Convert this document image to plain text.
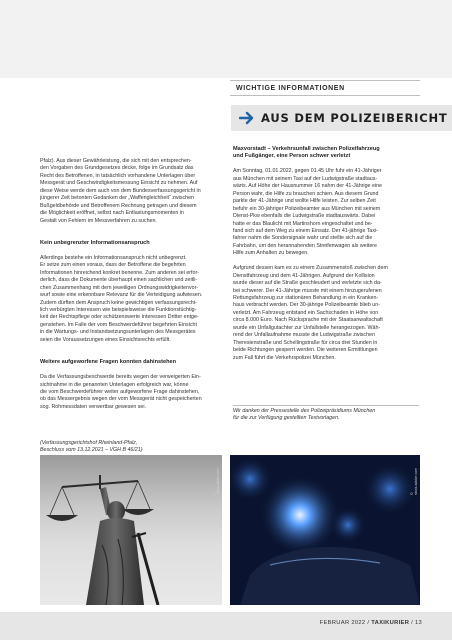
WICHTIGE INFORMATIONEN
AUS DEM POLIZEIBERICHT

Pfalz). Aus dieser Gewährleistung, die sich mit den entsprechen-

den Vorgaben des Grundgesetzes decke, folge im Grundsatz das

Recht des Betroffenen, in tatsächlich vorhandene Unterlagen über

Messgerät und Geschwindigkeitsmessung Einsicht zu nehmen. Auf

diese Weise werde dem auch von dem Bundesverfassungsgericht in

jüngerer Zeit betonten Gedanken der „Waffengleichheit“ zwischen

Bußgeldbehörde und Betroffenem Rechnung getragen und diesem

die Möglichkeit eröffnet, selbst nach Entlastungsmomenten in

Gestalt von Fehlern im Messverfahren zu suchen.

Kein unbegrenzter Informationsanspruch

Allerdings bestehe ein Informationsanspruch nicht unbegrenzt.

Er setze zum einen voraus, dass der Betroffene die begehrten

Informationen hinreichend konkret benenne. Zum anderen sei erfor-

derlich, dass die Dokumente überhaupt einen sachlichen und zeitli-

chen Zusammenhang mit dem jeweiligen Ordnungswidrigkeitenvor-

wurf sowie eine erkennbare Relevanz für die Verteidigung aufwiesen.

Zudem dürften dem Anspruch keine gewichtigen verfassungsrecht-

lich verbürgten Interessen wie beispielsweise die Funktionstüchtig-

keit der Rechtspflege oder schützenswerte Interessen Dritter entge-

genstehen. Im Falle der vom Beschwerdeführer begehrten Einsicht

in die Wartungs- und Instandsetzungsunterlagen des Messgerätes

seien die Voraussetzungen eines Einsichtsrechts erfüllt.

Weitere aufgeworfene Fragen konnten dahinstehen

Da die Verfassungsbeschwerde bereits wegen der verweigerten Ein-

sichtnahme in die genannten Unterlagen erfolgreich war, könne

die vom Beschwerdeführer weiter aufgeworfene Frage dahinstehen,

ob das Messergebnis wegen der vom Messgerät nicht gespeicherten

sog. Rohmessdaten verwertbar gewesen sei.

(Verfassungsgerichtshof Rheinland-Pfalz,
Beschluss vom 13.12.2021 – VGH B 46/21)

Maxvorstadt – Verkehrsunfall zwischen Polizeifahrzeug

und Fußgänger, eine Person schwer verletzt

Am Sonntag, 01.01.2022, gegen 01.45 Uhr fuhr ein 41-Jähriger

aus München mit seinem Taxi auf der Ludwigstraße stadtaus-

wärts. Auf Höhe der Hausnummer 16 nahm der 41-Jährige eine

Person wahr, die Hilfe zu brauchen schien. Aus diesem Grund

parkte der 41-Jährige und wollte Hilfe leisten. Zur selben Zeit

befuhr ein 30-jähriger Polizeibeamter aus München mit seinem

Dienst-Pkw ebenfalls die Ludwigstraße stadtauswärts. Dabei

hatte er das Blaulicht mit Martinshorn eingeschaltet und be-

fand sich auf dem Weg zu einem Einsatz. Der 41-jährige Taxi-

fahrer nahm die Sondersignale wahr und stellte sich auf die

Fahrbahn, um den herannahenden Streifenwagen als weitere

Hilfe zum Anhalten zu bewegen.

Aufgrund dessen kam es zu einem Zusammenstoß zwischen dem

Dienstfahrzeug und dem 41-Jährigen. Aufgrund der Kollision

wurde dieser auf die Straße geschleudert und verletzte sich da-

bei schwerer. Der 41-Jährige musste mit einem hinzugerufenen

Rettungsfahrzeug zur stationären Behandlung in ein Kranken-

haus verbracht werden. Der 30-jährige Polizeibeamte blieb un-

verletzt. Am Fahrzeug entstand ein Sachschaden in Höhe von

circa 8.000 Euro. Nach Rücksprache mit der Staatsanwaltschaft

wurde ein Unfallgutachter zur Unfallstelle herangezogen. Wäh-

rend der Unfallaufnahme musste die Ludwigstraße zwischen

Theresienstraße und Schellingstraße für circa drei Stunden in

beide Richtungen gesperrt werden. Die weiteren Ermittlungen

zum Fall führt die Verkehrspolizei München.

Wir danken der Pressestelle des Polizeipräsidiums München
für die zur Verfügung gestellten Textvorlagen.
© stock.adobe.com	© stock.adobe.com
FEBRUAR 2022 / TAXIKURIER / 13
